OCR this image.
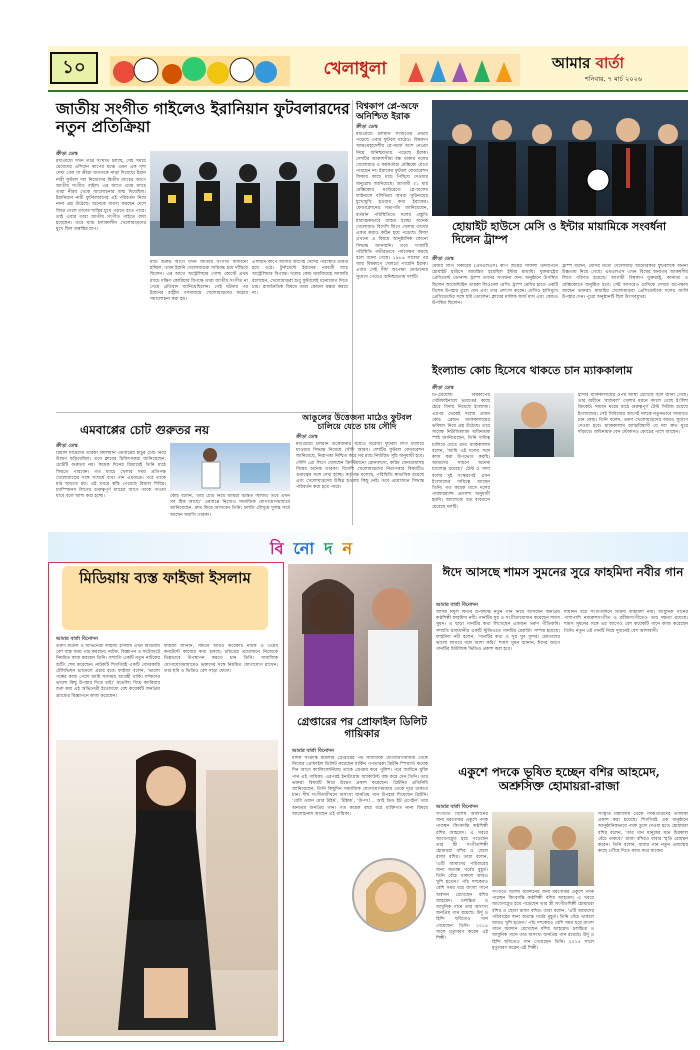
১০	খেলাধুলা	আমার বার্তা
শনিবার, ৭ মার্চ ২০২৬
জাতীয় সংগীত গাইলেও ইরানিয়ান ফুটবলারদের নতুন প্রতিক্রিয়া
ক্রীড়া ডেস্ক
মধ্যপ্রাচ্যে যখন তীব্র সংঘাত চলছে, সেই সময়ে মেয়েদের এশিয়ান কাপের মঞ্চে এমন এক দৃশ্য দেখা গেল যা ক্রীড়া জগতকে নাড়া দিয়েছে। ইরান নারী ফুটবল দল নিজেদের দ্বিতীয় ম্যাচের আগে জাতীয় সংগীত গাইল। এর আগে প্রথম ম্যাচে তারা নীরব থেকে আলোচনার জন্ম দিয়েছিল। ইরানিয়ান নারী ফুটবলারদের এই পরিবর্তন নিয়ে নানা প্রশ্ন উঠেছে। অনেকে ধারণা করছেন দেশে ফিরে গেলে তাদের শাস্তির মুখে পড়তে হতে পারে। তাই এবার তারা জাতীয় সংগীত গাইতে বাধ্য হয়েছেন। তবে ম্যাচ চলাকালীন খেলোয়াড়দের মুখে ছিল অস্বস্তির ছাপ।
ম্যাচ শুরুর আগে যখন জাতীয় সংগীত বাজানো হচ্ছিল, তখন ইরানি খেলোয়াড়রা সারিবদ্ধ হয়ে দাঁড়িয়ে ছিলেন। এর আগে অস্ট্রেলিয়ার গোল্ড কোস্টে প্রথম ম্যাচে দক্ষিণ কোরিয়ার বিপক্ষে তারা জাতীয় সংগীত না গেয়ে প্রতিবাদ জানিয়েছিলেন। সেই ঘটনার পর ইরানের রাষ্ট্রীয় গণমাধ্যমে খেলোয়াড়দের কঠোর সমালোচনা করা হয়।
এশিয়ান কাপে আসার আগেই দেশের পরিস্থিতি উত্তপ্ত হয়ে ওঠে। টুর্নামেন্টে ইরানের পরবর্তী ম্যাচ অস্ট্রেলিয়ার বিপক্ষে। দলের কোচ মারজিয়েহ জাফারি বলেছেন, খেলোয়াড়রা শুধু ফুটবলেই মনোযোগ দিতে চায়। রাজনৈতিক বিষয়ে তারা কোনো মন্তব্য করবে না।
বিশ্বকাপ প্লে-অফে অনিশ্চিত ইরাক
ক্রীড়া ডেস্ক
মধ্যপ্রাচ্যে চলমান সংঘাতের প্রভাব পড়েছে এবার ফুটবল মাঠেও। বিশ্বকাপ আন্তঃমহাদেশীয় প্লে-অফে অংশ নেওয়া নিয়ে অনিশ্চয়তায় পড়েছে ইরাক। দেশটির আকাশসীমা বন্ধ থাকায় দলের খেলোয়াড় ও কর্মকর্তারা মেক্সিকো যেতে পারছেন না। ইরাকের ফুটবল ফেডারেশন ফিফার কাছে ম্যাচ পিছিয়ে দেওয়ার অনুরোধ জানিয়েছে। আগামী ৩১ মার্চ মেক্সিকোর মন্টেরেতে প্লে-অফের ফাইনালে বলিভিয়া অথবা সুরিনামের মুখোমুখি হওয়ার কথা ইরাকের। ফেডারেশনের সভাপতি জানিয়েছেন, বর্তমান পরিস্থিতিতে দলের প্রস্তুতি মারাত্মকভাবে ব্যাহত হচ্ছে। অনেক খেলোয়াড় বিদেশি লিগে খেলায় তাদের একত্র করাও কঠিন হয়ে পড়েছে। ফিফা এখনো এ বিষয়ে আনুষ্ঠানিক কোনো সিদ্ধান্ত জানায়নি। তবে সংস্থাটি পরিস্থিতি গভীরভাবে পর্যবেক্ষণ করছে বলে জানা গেছে। ১৯৮৬ সালের পর আর বিশ্বকাপে খেলতে পারেনি ইরাক। এবার সেই দীর্ঘ অপেক্ষা ঘোচানোর সুযোগ পেয়েও অনিশ্চয়তায় দলটি।
হোয়াইট হাউসে মেসি ও ইন্টার মায়ামিকে সংবর্ধনা দিলেন ট্রাম্প
ক্রীড়া ডেস্ক
মেজর লিগ সকারের (এমএলএস) কাপ জয়ের সাফল্য উদযাপনে হোয়াইট হাউসে আমন্ত্রিত হয়েছিল ইন্টার মায়ামি। যুক্তরাষ্ট্রের প্রেসিডেন্ট ডোনাল্ড ট্রাম্প তাদের সংবর্ধনা দেন। অনুষ্ঠানে উপস্থিত ছিলেন আর্জেন্টাইন তারকা লিওনেল মেসি। ট্রাম্প মেসির হাতে একটি বিশেষ উপহার তুলে দেন এবং তার প্রশংসা করেন। মেসিও হাসিমুখে প্রেসিডেন্টের সঙ্গে ছবি তোলেন। ক্লাবের মালিক জর্জ মাস এবং কোচও উপস্থিত ছিলেন।
ট্রাম্প বলেন, মেসির মতো খেলোয়াড় আমেরিকার ফুটবলকে অনন্য উচ্চতায় নিয়ে গেছে। এমএলএস এখন বিশ্বের অন্যতম আকর্ষণীয় লিগে পরিণত হয়েছে। আগামী বিশ্বকাপ যুক্তরাষ্ট্র, কানাডা ও মেক্সিকোতে অনুষ্ঠিত হবে। সেই আসরেও মেসিকে দেখার অপেক্ষায় আছেন ভক্তরা। মায়ামির খেলোয়াড়রা প্রেসিডেন্টকে দলের জার্সি উপহার দেন। পুরো অনুষ্ঠানটি ছিল উৎসবমুখর।
এমবাপ্পের চোট গুরুতর নয়
ক্রীড়া ডেস্ক
রিয়াল মাদ্রিদের তারকা কিলিয়ান এমবাপ্পের হাঁটুর চোট নিয়ে উদ্বেগ ছড়িয়েছিল। তবে ক্লাবের চিকিৎসকরা জানিয়েছেন, চোটটি গুরুতর নয়। কয়েক দিনের বিশ্রামেই তিনি মাঠে ফিরতে পারবেন। গত ম্যাচে খেলার সময় প্রতিপক্ষ খেলোয়াড়ের সঙ্গে সংঘর্ষে ব্যথা পান এমবাপ্পে। পরে তাকে মাঠ ছাড়তে হয়। এই খবরে স্বস্তি পেয়েছে রিয়াল শিবির। চ্যাম্পিয়নস লিগের গুরুত্বপূর্ণ ম্যাচের আগে তাকে পাওয়া যাবে বলে আশা করা হচ্ছে।	কোচ বলেন, 'তার চোট নিয়ে আমরা চিন্তিত ছিলাম। তবে এখন সব ঠিক আছে।' এমবাপ্পে নিজেও সামাজিক যোগাযোগমাধ্যমে জানিয়েছেন, দ্রুত ফিরে আসবেন তিনি। চলতি মৌসুমে দুর্দান্ত ফর্মে আছেন ফরাসি তারকা।
আঙুলের উত্তেজনা মাঠেও ফুটবল চালিয়ে যেতে চায় সৌদি
ক্রীড়া ডেস্ক
মধ্যপ্রাচ্যে চলমান উত্তেজনার মধ্যেও ঘরোয়া ফুটবল লিগ চালিয়ে যাওয়ার সিদ্ধান্ত নিয়েছে সৌদি আরব। দেশটির ফুটবল ফেডারেশন জানিয়েছে, নিরাপত্তা নিশ্চিত করে সব ম্যাচ নির্ধারিত সূচি অনুযায়ী হবে। সৌদি প্রো লিগে খেলছেন ক্রিস্টিয়ানো রোনালদো, করিম বেনজেমাসহ বিশ্বের অনেক তারকা। বিদেশি খেলোয়াড়দের নিরাপত্তার বিষয়টিও গুরুত্বের সঙ্গে দেখা হচ্ছে। কর্তৃপক্ষ বলেছে, পরিস্থিতি স্বাভাবিক রয়েছে এবং খেলোয়াড়দের উদ্বিগ্ন হওয়ার কিছু নেই। তবে প্রয়োজনে সিদ্ধান্ত পরিবর্তন করা হতে পারে।
ইংল্যান্ড কোচ হিসেবে থাকতে চান ম্যাককালাম
ক্রীড়া ডেস্ক
টি-টোয়েন্টি বিশ্বকাপের সেমিফাইনালে ভারতের কাছে হেরে বিদায় নিয়েছে ইংল্যান্ড। এরপর থেকেই দলের প্রধান কোচ ব্রেন্ডন ম্যাককালামের ভবিষ্যৎ নিয়ে প্রশ্ন উঠেছে। তবে সাবেক নিউজিল্যান্ড অধিনায়ক স্পষ্ট জানিয়েছেন, তিনি দায়িত্ব চালিয়ে যেতে চান। ম্যাককালাম বলেন, 'আমি এই দলের সঙ্গে কাজ করা উপভোগ করছি। আমাদের সামনে অনেক চ্যালেঞ্জ রয়েছে।' টেস্ট ও সাদা বলের দুই সংস্করণেই এখন ইংল্যান্ডের দায়িত্বে আছেন তিনি। গত কয়েক মাসে দলের পারফরম্যান্স প্রত্যাশা অনুযায়ী হয়নি। অ্যাশেজে বড় ব্যবধানে হেরেছে দলটি।
ইসিবি ম্যাককালামের ওপর আস্থা রেখেছে বলে জানা গেছে। তার অধীনে 'বাজবল' খেলার ধরনে বদলে গেছে ইংলিশ ক্রিকেট। সামনে ঘরের মাঠে গুরুত্বপূর্ণ টেস্ট সিরিজ রয়েছে ইংল্যান্ডের। সেই সিরিজের আগেই দলকে নতুনভাবে সাজাতে চান কোচ। তিনি বলেন, তরুণ খেলোয়াড়দের আরও সুযোগ দেওয়া হবে। ম্যাককালাম আত্মবিশ্বাসী যে দল দ্রুত ঘুরে দাঁড়াবে। অধিনায়ক বেন স্টোকসও কোচের পাশে আছেন।
বিনোদন
মিডিয়ায় ব্যস্ত ফাইজা ইসলাম
আমার বার্তা বিনোদন
তরুণ মডেল ও অভিনেত্রী ফাইজা ইসলাম এখন মিডিয়ায় বেশ ব্যস্ত সময় পার করছেন। নাটক, বিজ্ঞাপন ও ফটোশুটে নিয়মিত কাজ করছেন তিনি। সম্প্রতি একটি নতুন নাটকের শুটিং শেষ করেছেন। নাটকটি শিগগিরই একটি বেসরকারি টেলিভিশন চ্যানেলে প্রচার হবে। ফাইজা বলেন, 'ভালো গল্পের কাজ পেলে আমি সবসময় আগ্রহী থাকি। দর্শকদের ভালো কিছু উপহার দিতে চাই।' মডেলিং দিয়ে ক্যারিয়ার শুরু করা এই অভিনেত্রী ইতোমধ্যে বেশ কয়েকটি জনপ্রিয় ব্র্যান্ডের বিজ্ঞাপনে কাজ করেছেন।
ফাইজা জানান, সামনে আরও কয়েকটি নাটক ও ওয়েব কনটেন্টে কাজের কথা চলছে। চরিত্রের প্রয়োজনে নিজেকে ভিন্নভাবে উপস্থাপন করতে চান তিনি। সামাজিক যোগাযোগমাধ্যমেও ভক্তদের সঙ্গে নিয়মিত যোগাযোগ রাখেন। তার ছবি ও ভিডিও বেশ সাড়া ফেলে।
ঈদে আসছে শামস সুমনের সুরে ফাহমিদা নবীর গান
আমার বার্তা বিনোদন
আসন্ন ঈদুল ফিতর উপলক্ষে নতুন গান নিয়ে আসছেন জনপ্রিয় কণ্ঠশিল্পী ফাহমিদা নবী। গানটির সুর ও সংগীতায়োজন করেছেন শামস সুমন। এ ছাড়া গানটির কথা লিখেছেন একজন তরুণ গীতিকবি। সম্প্রতি রাজধানীর একটি স্টুডিওতে গানটির রেকর্ডিং সম্পন্ন হয়েছে। ফাহমিদা নবী বলেন, 'গানটির কথা ও সুর খুব সুন্দর। শ্রোতাদের ভালো লাগবে বলে আশা করি।' শামস সুমন জানান, ঈদের আগে গানটির মিউজিক ভিডিও প্রকাশ করা হবে।
দীর্ঘদিন ধরে সংগীতাঙ্গনে সক্রিয় ফাহমিদা নবী। আধুনিক গানের পাশাপাশি নজরুলসংগীত ও রবীন্দ্রসংগীতেও তার দক্ষতা রয়েছে। শামস সুমনের সঙ্গে এর আগেও বেশ কয়েকটি গানে কাজ করেছেন তিনি। নতুন এই গানটি নিয়ে দুজনেই বেশ আশাবাদী।
গ্রেপ্তারের পর প্রোফাইল ডিলিট গায়িকার
আমার বার্তা বিনোদন
মাদক সংক্রান্ত মামলায় গ্রেপ্তারের পর সামাজিক যোগাযোগমাধ্যম থেকে নিজের প্রোফাইল ডিলিট করেছেন মার্কিন পপতারকা ব্রিটনি স্পিয়ার্স। কয়েক দিন আগে ক্যালিফোর্নিয়ায় তাকে গ্রেপ্তার করে পুলিশ। পরে জামিনে মুক্তি পান এই গায়িকা। এরপরই ইনস্টাগ্রাম অ্যাকাউন্ট বন্ধ করে দেন তিনি। তার ভক্তরা বিষয়টি নিয়ে উদ্বেগ প্রকাশ করেছেন। ব্রিটনির প্রতিনিধি জানিয়েছেন, তিনি কিছুদিন সামাজিক যোগাযোগমাধ্যম থেকে দূরে থাকতে চান। দীর্ঘ সংগীতজীবনে অসংখ্য জনপ্রিয় গান উপহার দিয়েছেন ব্রিটনি। ‘বেবি ওয়ান মোর টাইম’, ‘টক্সিক’, ‘উপস!... আই ডিড ইট এগেইন’ তার অন্যতম জনপ্রিয় গান। গত কয়েক বছর ধরে ব্যক্তিগত নানা বিষয়ে আলোচনায় আছেন এই গায়িকা।
একুশে পদকে ভূষিত হচ্ছেন বশির আহমেদ, অশ্রুসিক্ত হোমায়রা-রাজা
আমার বার্তা বিনোদন
সংগীতে বিশেষ অবদানের জন্য মরণোত্তর একুশে পদক পাচ্ছেন কিংবদন্তি কণ্ঠশিল্পী বশির আহমেদ। এ খবরে আবেগাপ্লুত হয়ে পড়েছেন তার স্ত্রী সংগীতশিল্পী হোমায়রা বশির ও ছেলে রাজা বশির। তারা বলেন, 'এটি আমাদের পরিবারের জন্য অত্যন্ত গর্বের মুহূর্ত। তিনি বেঁচে থাকলে আরও খুশি হতেন।' পাঁচ দশকেরও বেশি সময় ধরে বাংলা গানে অবদান রেখেছেন বশির আহমেদ। চলচ্চিত্র ও আধুনিক গানে তার অসংখ্য জনপ্রিয় গান রয়েছে। উর্দু ও হিন্দি ছবিতেও গান গেয়েছেন তিনি। ২০১৪ সালে মৃত্যুবরণ করেন এই শিল্পী।
সংস্কৃতি মন্ত্রণালয় থেকে পদকপ্রাপ্তদের তালিকা প্রকাশ করা হয়েছে। শিগগিরই এক অনুষ্ঠানে আনুষ্ঠানিকভাবে পদক তুলে দেওয়া হবে। হোমায়রা বশির বলেন, 'তার গান মানুষের মনে চিরকাল বেঁচে থাকবে।' রাজা বশিরও বাবার স্মৃতি রোমন্থন করেন। তিনি বলেন, বাবার গান নতুন প্রজন্মের কাছে পৌঁছে দিতে কাজ করে যাবেন।
সংগীতে বিশেষ অবদানের জন্য মরণোত্তর একুশে পদক পাচ্ছেন কিংবদন্তি কণ্ঠশিল্পী বশির আহমেদ। এ খবরে আবেগাপ্লুত হয়ে পড়েছেন তার স্ত্রী সংগীতশিল্পী হোমায়রা বশির ও ছেলে রাজা বশির। তারা বলেন, 'এটি আমাদের পরিবারের জন্য অত্যন্ত গর্বের মুহূর্ত। তিনি বেঁচে থাকলে আরও খুশি হতেন।' পাঁচ দশকেরও বেশি সময় ধরে বাংলা গানে অবদান রেখেছেন বশির আহমেদ। চলচ্চিত্র ও আধুনিক গানে তার অসংখ্য জনপ্রিয় গান রয়েছে। উর্দু ও হিন্দি ছবিতেও গান গেয়েছেন তিনি। ২০১৪ সালে মৃত্যুবরণ করেন এই শিল্পী।
